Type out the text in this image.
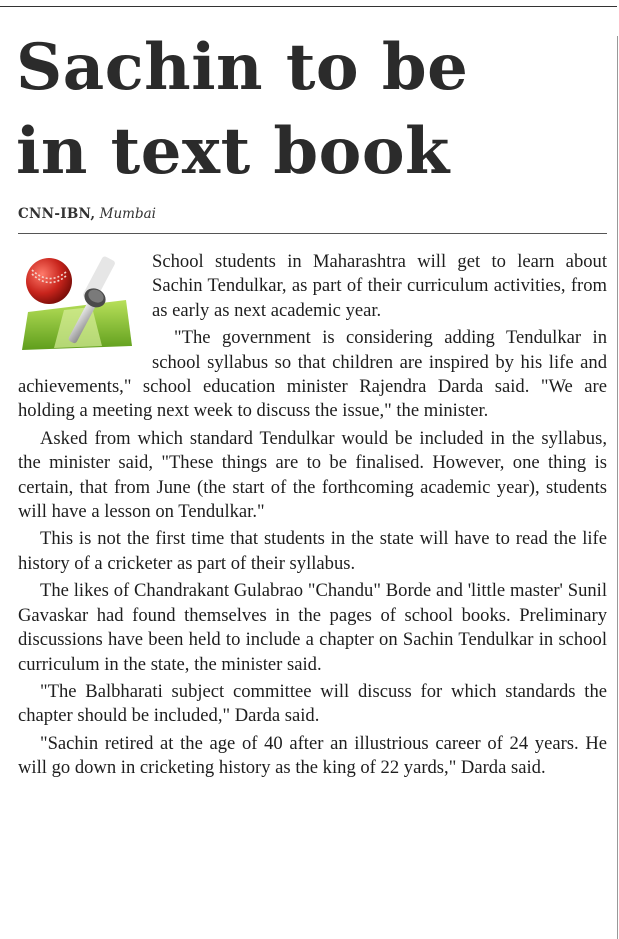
Sachin to be
in text book
CNN-IBN, Mumbai

School students in Maharashtra will get to learn about Sachin Tendulkar, as part of their curriculum activities, from as early as next academic year.

"The government is considering adding Tendulkar in school syllabus so that children are inspired by his life and achievements," school education minister Rajendra Darda said. "We are holding a meeting next week to discuss the issue," the minister.

Asked from which standard Tendulkar would be included in the syllabus, the minister said, "These things are to be finalised. However, one thing is certain, that from June (the start of the forthcoming academic year), students will have a lesson on Tendulkar."

This is not the first time that students in the state will have to read the life history of a cricketer as part of their syllabus.

The likes of Chandrakant Gulabrao "Chandu" Borde and 'little master' Sunil Gavaskar had found themselves in the pages of school books. Preliminary discussions have been held to include a chapter on Sachin Tendulkar in school curriculum in the state, the minister said.

"The Balbharati subject committee will discuss for which standards the chapter should be included," Darda said.

"Sachin retired at the age of 40 after an illustrious career of 24 years. He will go down in cricketing history as the king of 22 yards," Darda said.
